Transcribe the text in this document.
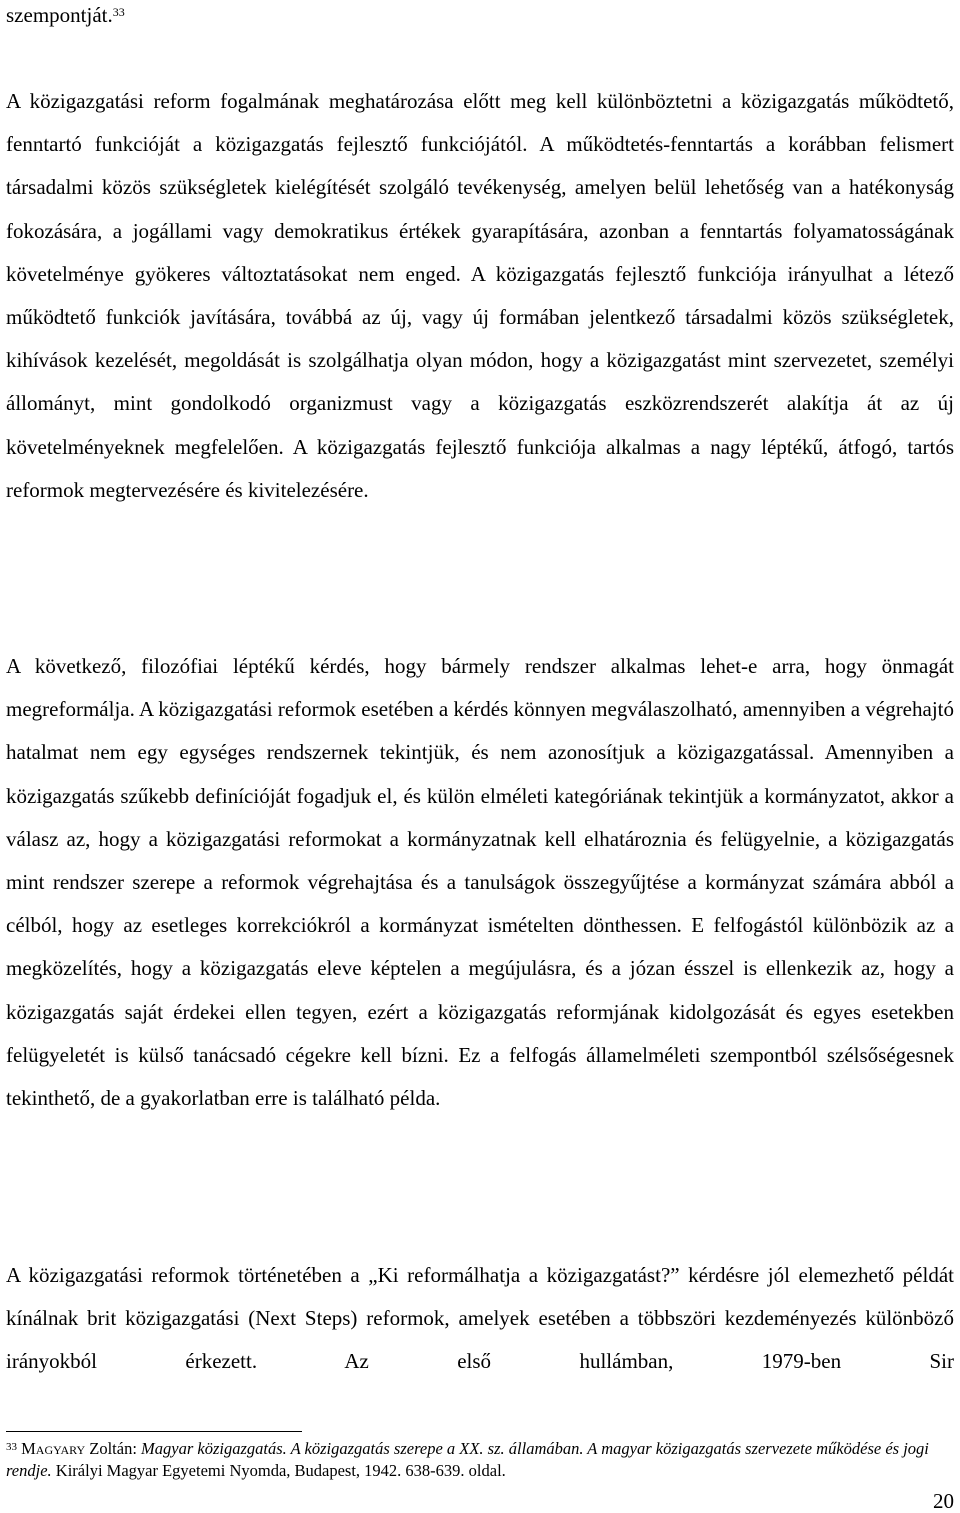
szempontját.$^{33}$

A közigazgatási reform fogalmának meghatározása előtt meg kell különböztetni a közigazgatás működtető, fenntartó funkcióját a közigazgatás fejlesztő funkciójától. A működtetés-fenntartás a korábban felismert társadalmi közös szükségletek kielégítését szolgáló tevékenység, amelyen belül lehetőség van a hatékonyság fokozására, a jogállami vagy demokratikus értékek gyarapítására, azonban a fenntartás folyamatosságának követelménye gyökeres változtatásokat nem enged. A közigazgatás fejlesztő funkciója irányulhat a létező működtető funkciók javítására, továbbá az új, vagy új formában jelentkező társadalmi közös szükségletek, kihívások kezelését, megoldását is szolgálhatja olyan módon, hogy a közigazgatást mint szervezetet, személyi állományt, mint gondolkodó organizmust vagy a közigazgatás eszközrendszerét alakítja át az új követelményeknek megfelelően. A közigazgatás fejlesztő funkciója alkalmas a nagy léptékű, átfogó, tartós reformok megtervezésére és kivitelezésére.

A következő, filozófiai léptékű kérdés, hogy bármely rendszer alkalmas lehet-e arra, hogy önmagát megreformálja. A közigazgatási reformok esetében a kérdés könnyen megválaszolható, amennyiben a végrehajtó hatalmat nem egy egységes rendszernek tekintjük, és nem azonosítjuk a közigazgatással. Amennyiben a közigazgatás szűkebb definícióját fogadjuk el, és külön elméleti kategóriának tekintjük a kormányzatot, akkor a válasz az, hogy a közigazgatási reformokat a kormányzatnak kell elhatároznia és felügyelnie, a közigazgatás mint rendszer szerepe a reformok végrehajtása és a tanulságok összegyűjtése a kormányzat számára abból a célból, hogy az esetleges korrekciókról a kormányzat ismételten dönthessen. E felfogástól különbözik az a megközelítés, hogy a közigazgatás eleve képtelen a megújulásra, és a józan ésszel is ellenkezik az, hogy a közigazgatás saját érdekei ellen tegyen, ezért a közigazgatás reformjának kidolgozását és egyes esetekben felügyeletét is külső tanácsadó cégekre kell bízni. Ez a felfogás államelméleti szempontból szélsőségesnek tekinthető, de a gyakorlatban erre is található példa.

A közigazgatási reformok történetében a „Ki reformálhatja a közigazgatást?” kérdésre jól elemezhető példát kínálnak brit közigazgatási (Next Steps) reformok, amelyek esetében a többszöri kezdeményezés különböző irányokból érkezett. Az első hullámban, 1979-ben Sir

$^{33}$ Magyary Zoltán: Magyar közigazgatás. A közigazgatás szerepe a XX. sz. államában. A magyar közigazgatás szervezete működése és jogi rendje. Királyi Magyar Egyetemi Nyomda, Budapest, 1942. 638-639. oldal.

20
